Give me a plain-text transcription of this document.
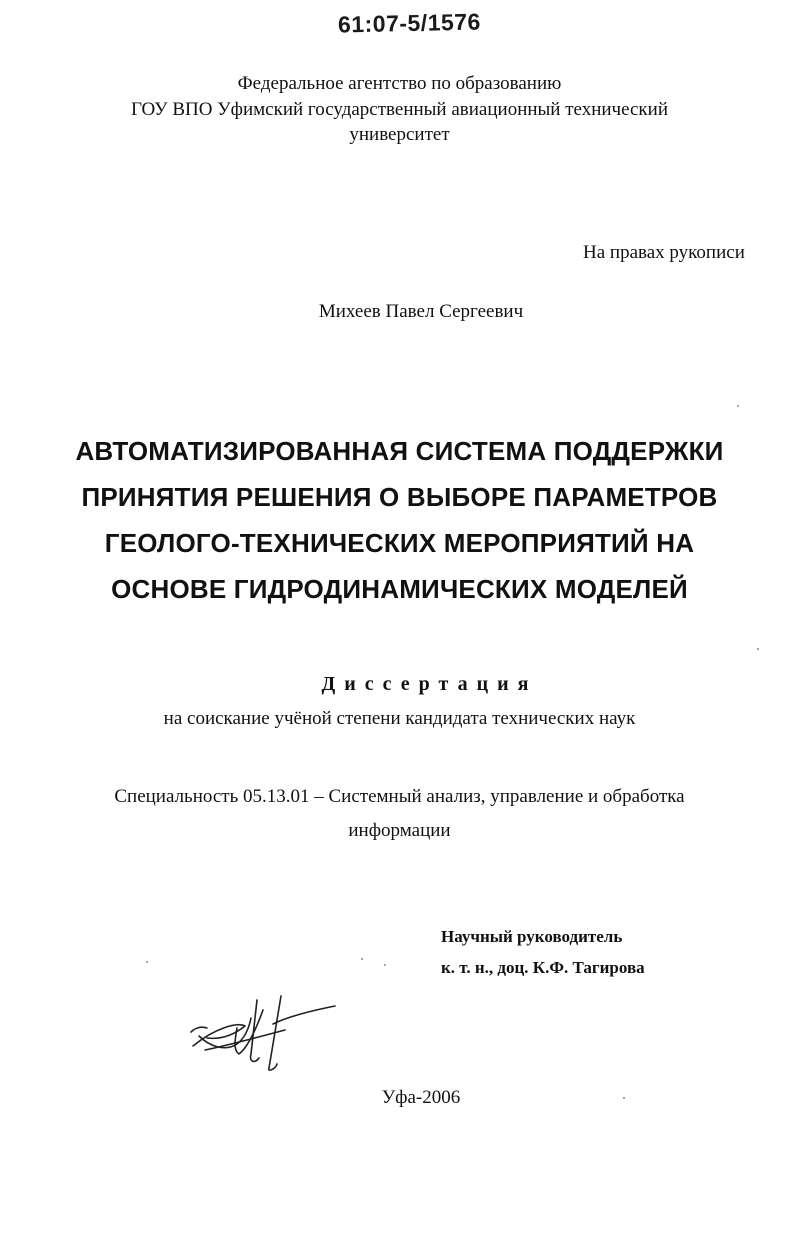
61:07-5/1576
Федеральное агентство по образованию
ГОУ ВПО Уфимский государственный авиационный технический
университет
На правах рукописи
Михеев Павел Сергеевич
АВТОМАТИЗИРОВАННАЯ СИСТЕМА ПОДДЕРЖКИ
ПРИНЯТИЯ РЕШЕНИЯ О ВЫБОРЕ ПАРАМЕТРОВ
ГЕОЛОГО-ТЕХНИЧЕСКИХ МЕРОПРИЯТИЙ НА
ОСНОВЕ ГИДРОДИНАМИЧЕСКИХ МОДЕЛЕЙ
Диссертация
на соискание учёной степени кандидата технических наук
Специальность 05.13.01 – Системный анализ, управление и обработка
информации
Научный руководитель
к. т. н., доц. К.Ф. Тагирова
Уфа-2006
